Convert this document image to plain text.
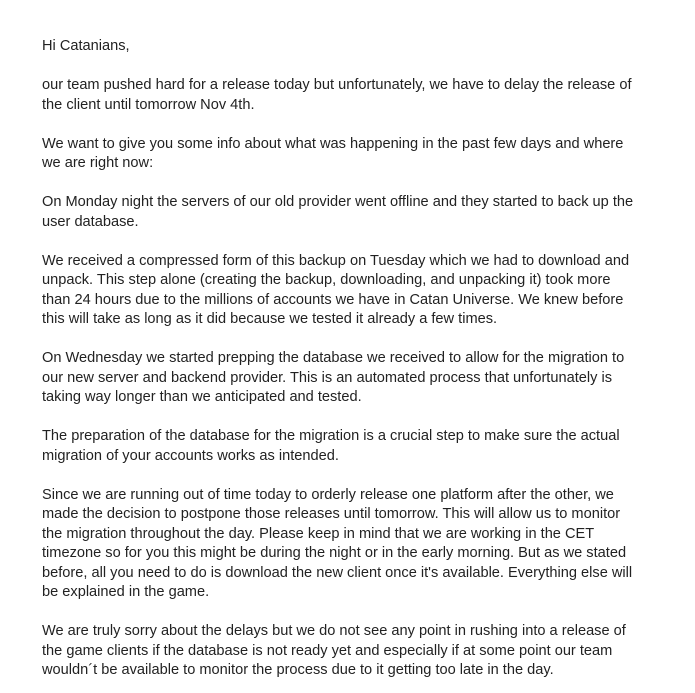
Hi Catanians,

our team pushed hard for a release today but unfortunately, we have to delay the release of the client until tomorrow Nov 4th.

We want to give you some info about what was happening in the past few days and where we are right now:

On Monday night the servers of our old provider went offline and they started to back up the user database.

We received a compressed form of this backup on Tuesday which we had to download and unpack. This step alone (creating the backup, downloading, and unpacking it) took more than 24 hours due to the millions of accounts we have in Catan Universe. We knew before this will take as long as it did because we tested it already a few times.

On Wednesday we started prepping the database we received to allow for the migration to our new server and backend provider. This is an automated process that unfortunately is taking way longer than we anticipated and tested.

The preparation of the database for the migration is a crucial step to make sure the actual migration of your accounts works as intended.

Since we are running out of time today to orderly release one platform after the other, we made the decision to postpone those releases until tomorrow. This will allow us to monitor the migration throughout the day. Please keep in mind that we are working in the CET timezone so for you this might be during the night or in the early morning. But as we stated before, all you need to do is download the new client once it's available. Everything else will be explained in the game.

We are truly sorry about the delays but we do not see any point in rushing into a release of the game clients if the database is not ready yet and especially if at some point our team wouldn´t be available to monitor the process due to it getting too late in the day.
